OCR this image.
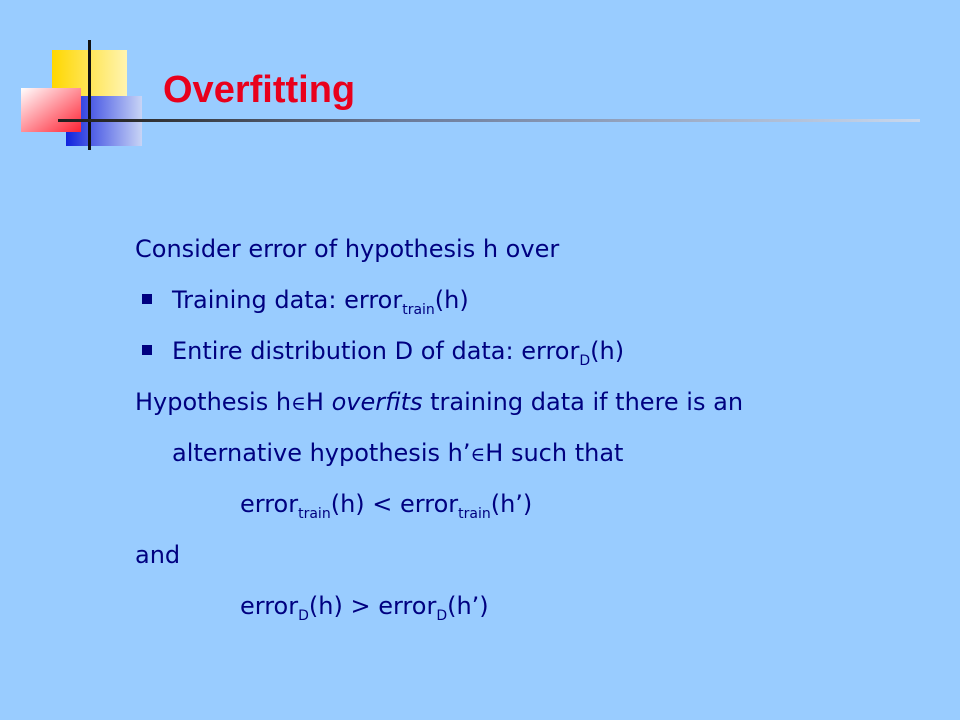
Overfitting
Consider error of hypothesis h over
Training data: error$_{train}$(h)
Entire distribution D of data: error$_D$(h)
Hypothesis h∈H overfits training data if there is an
alternative hypothesis h’∈H such that
error$_{train}$(h) < error$_{train}$(h’)
and
error$_D$(h) > error$_D$(h’)
